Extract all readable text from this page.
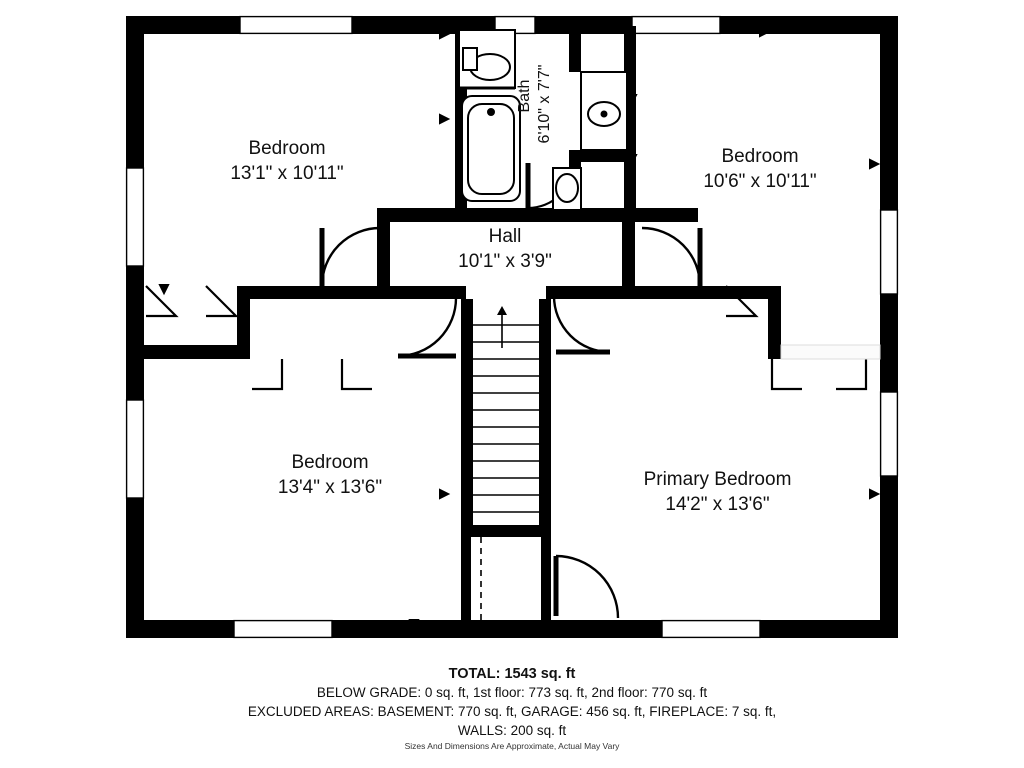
Bedroom
13'1" x 10'11"
Bedroom
10'6" x 10'11"
Hall
10'1" x 3'9"
Bedroom
13'4" x 13'6"	Primary Bedroom
14'2" x 13'6"
Bath 6'10" x 7'7"
TOTAL: 1543 sq. ft
BELOW GRADE: 0 sq. ft, 1st floor: 773 sq. ft, 2nd floor: 770 sq. ft
EXCLUDED AREAS: BASEMENT: 770 sq. ft, GARAGE: 456 sq. ft, FIREPLACE: 7 sq. ft,
WALLS: 200 sq. ft
Sizes And Dimensions Are Approximate, Actual May Vary
